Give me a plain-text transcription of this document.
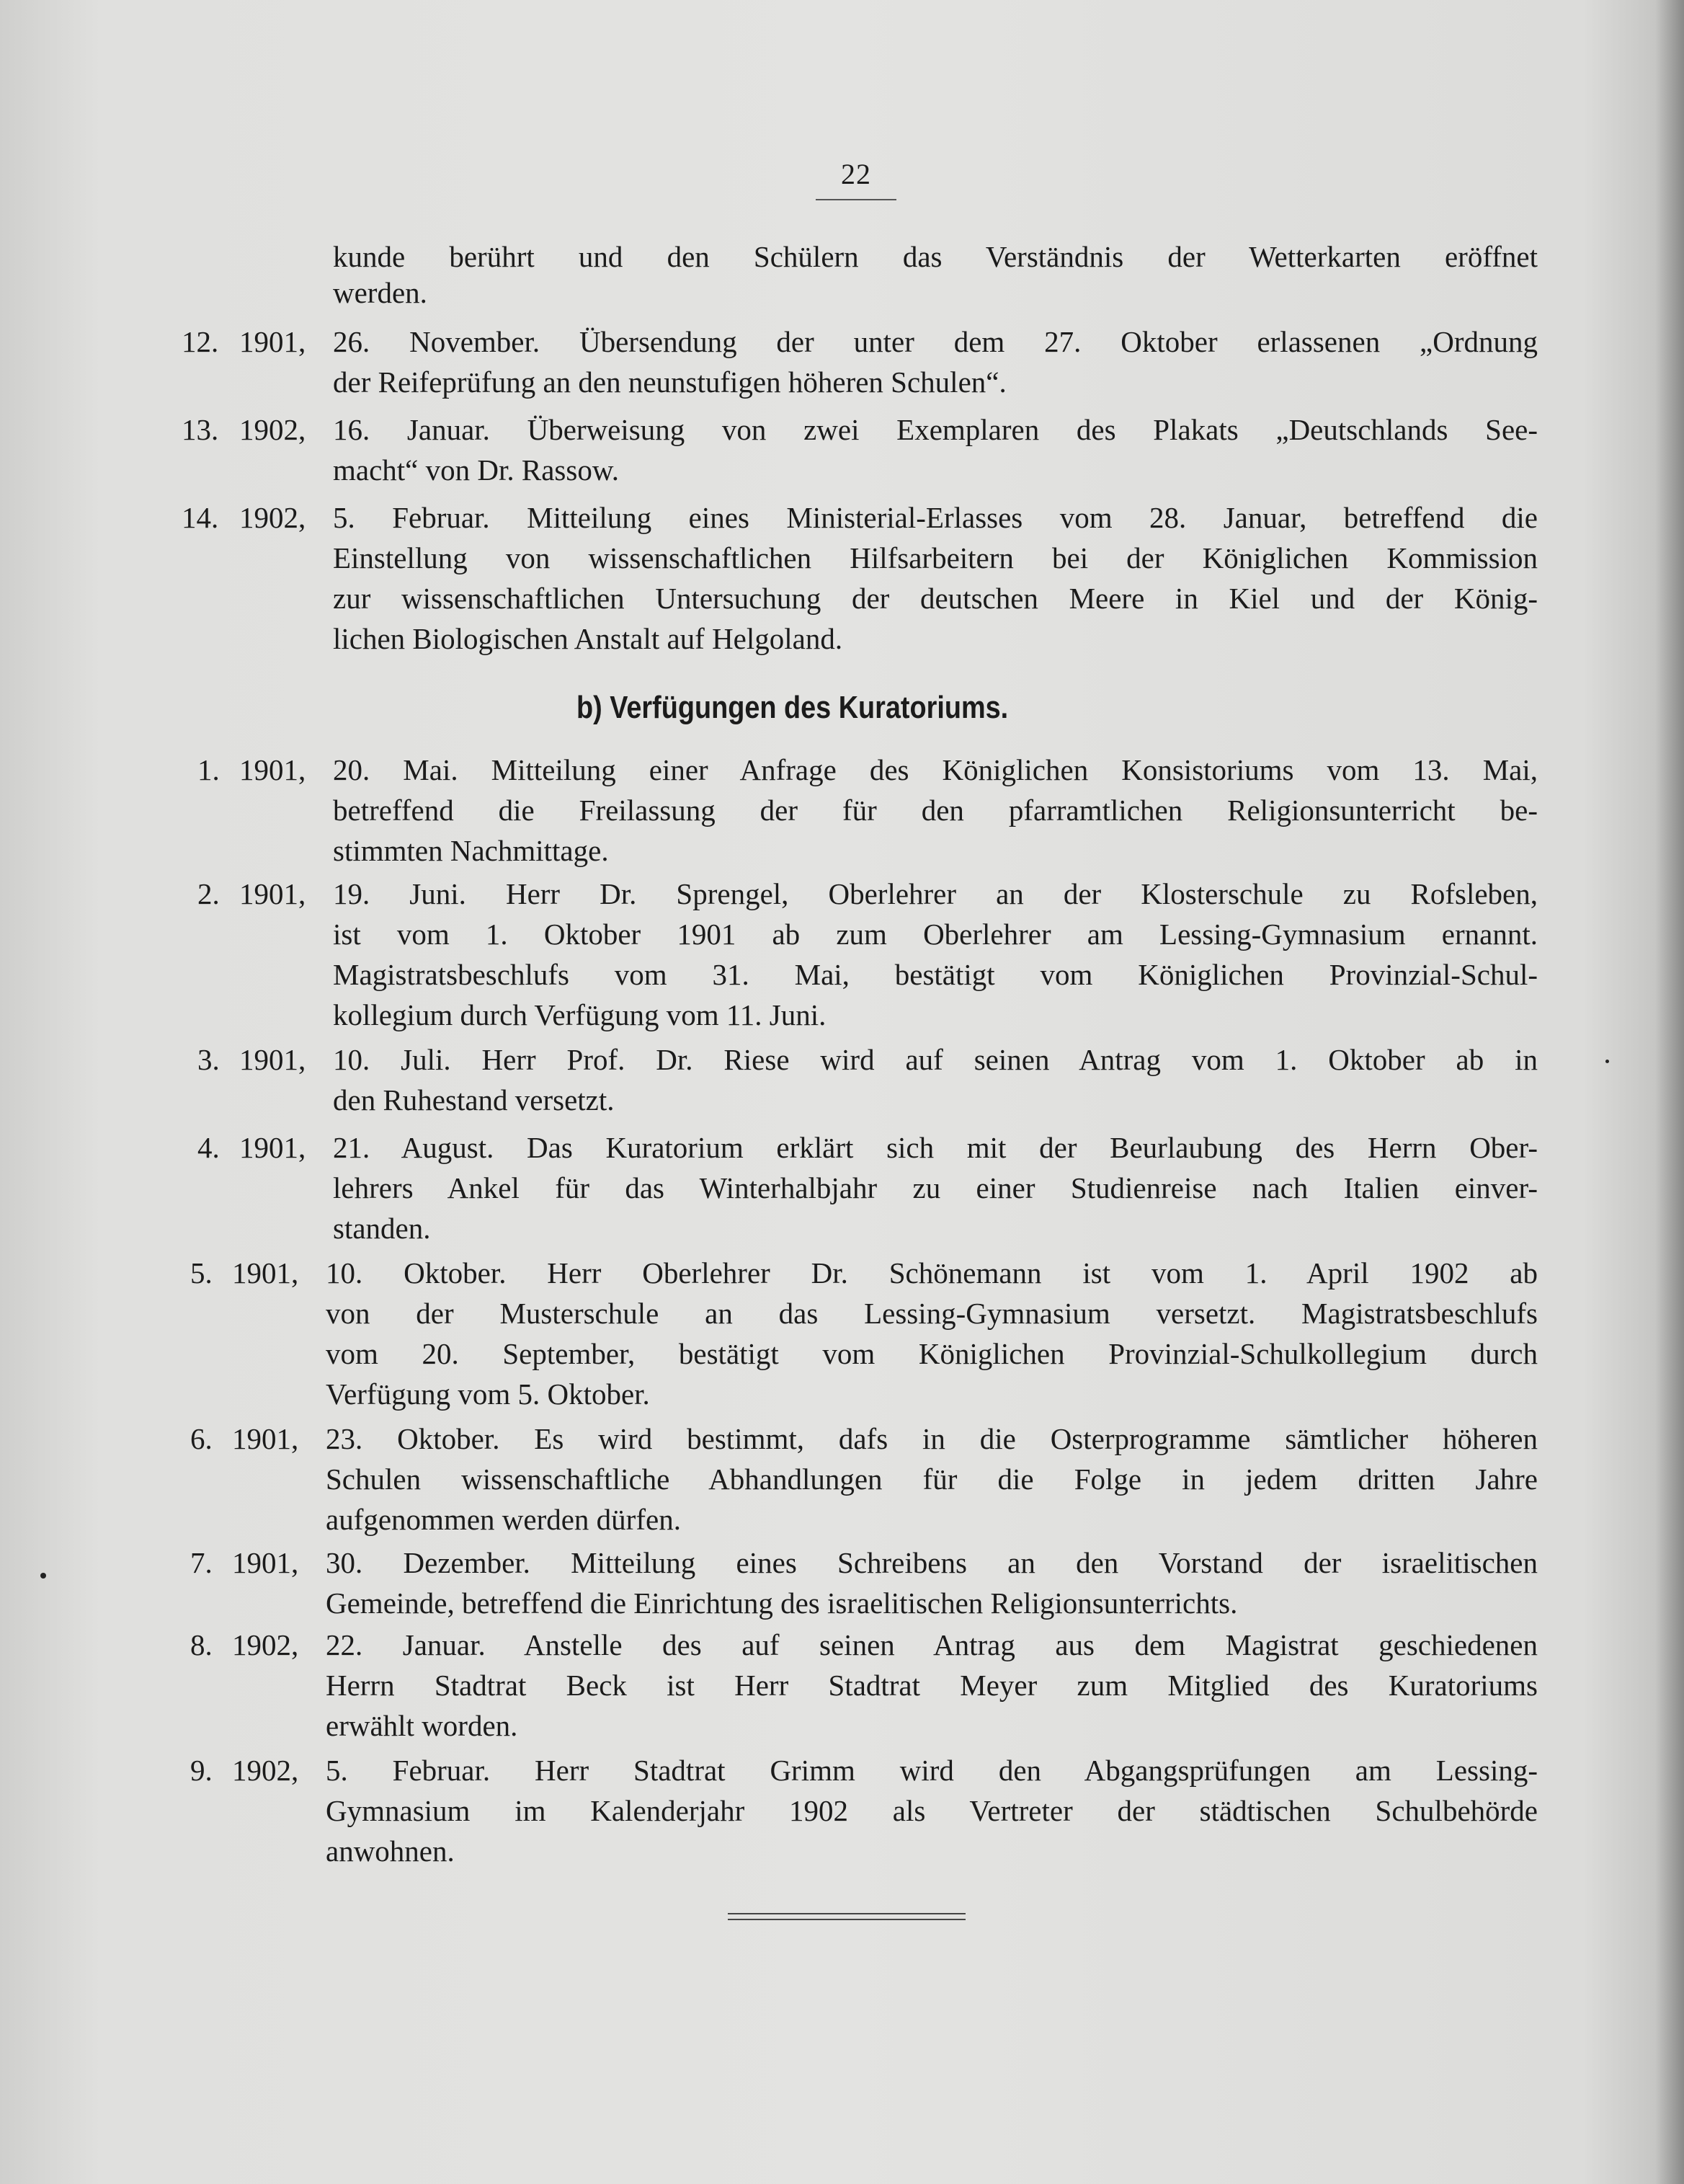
22
kunde berührt und den Schülern das Verständnis der Wetterkarten eröffnet
werden.
12. 1901, 26. November. Übersendung der unter dem 27. Oktober erlassenen „Ordnung
der Reifeprüfung an den neunstufigen höheren Schulen“.
13. 1902, 16. Januar. Überweisung von zwei Exemplaren des Plakats „Deutschlands See-
macht“ von Dr. Rassow.
14. 1902, 5. Februar. Mitteilung eines Ministerial-Erlasses vom 28. Januar, betreffend die
Einstellung von wissenschaftlichen Hilfsarbeitern bei der Königlichen Kommission
zur wissenschaftlichen Untersuchung der deutschen Meere in Kiel und der König-
lichen Biologischen Anstalt auf Helgoland.
b) Verfügungen des Kuratoriums.
1. 1901, 20. Mai. Mitteilung einer Anfrage des Königlichen Konsistoriums vom 13. Mai,
betreffend die Freilassung der für den pfarramtlichen Religionsunterricht be-
stimmten Nachmittage.
2. 1901, 19. Juni. Herr Dr. Sprengel, Oberlehrer an der Klosterschule zu Rofsleben,
ist vom 1. Oktober 1901 ab zum Oberlehrer am Lessing-Gymnasium ernannt.
Magistratsbeschlufs vom 31. Mai, bestätigt vom Königlichen Provinzial-Schul-
kollegium durch Verfügung vom 11. Juni.
3. 1901, 10. Juli. Herr Prof. Dr. Riese wird auf seinen Antrag vom 1. Oktober ab in
den Ruhestand versetzt.
4. 1901, 21. August. Das Kuratorium erklärt sich mit der Beurlaubung des Herrn Ober-
lehrers Ankel für das Winterhalbjahr zu einer Studienreise nach Italien einver-
standen.
5. 1901, 10. Oktober. Herr Oberlehrer Dr. Schönemann ist vom 1. April 1902 ab
von der Musterschule an das Lessing-Gymnasium versetzt. Magistratsbeschlufs
vom 20. September, bestätigt vom Königlichen Provinzial-Schulkollegium durch
Verfügung vom 5. Oktober.
6. 1901, 23. Oktober. Es wird bestimmt, dafs in die Osterprogramme sämtlicher höheren
Schulen wissenschaftliche Abhandlungen für die Folge in jedem dritten Jahre
aufgenommen werden dürfen.
7. 1901, 30. Dezember. Mitteilung eines Schreibens an den Vorstand der israelitischen
Gemeinde, betreffend die Einrichtung des israelitischen Religionsunterrichts.
8. 1902, 22. Januar. Anstelle des auf seinen Antrag aus dem Magistrat geschiedenen
Herrn Stadtrat Beck ist Herr Stadtrat Meyer zum Mitglied des Kuratoriums
erwählt worden.
9. 1902, 5. Februar. Herr Stadtrat Grimm wird den Abgangsprüfungen am Lessing-
Gymnasium im Kalenderjahr 1902 als Vertreter der städtischen Schulbehörde
anwohnen.
